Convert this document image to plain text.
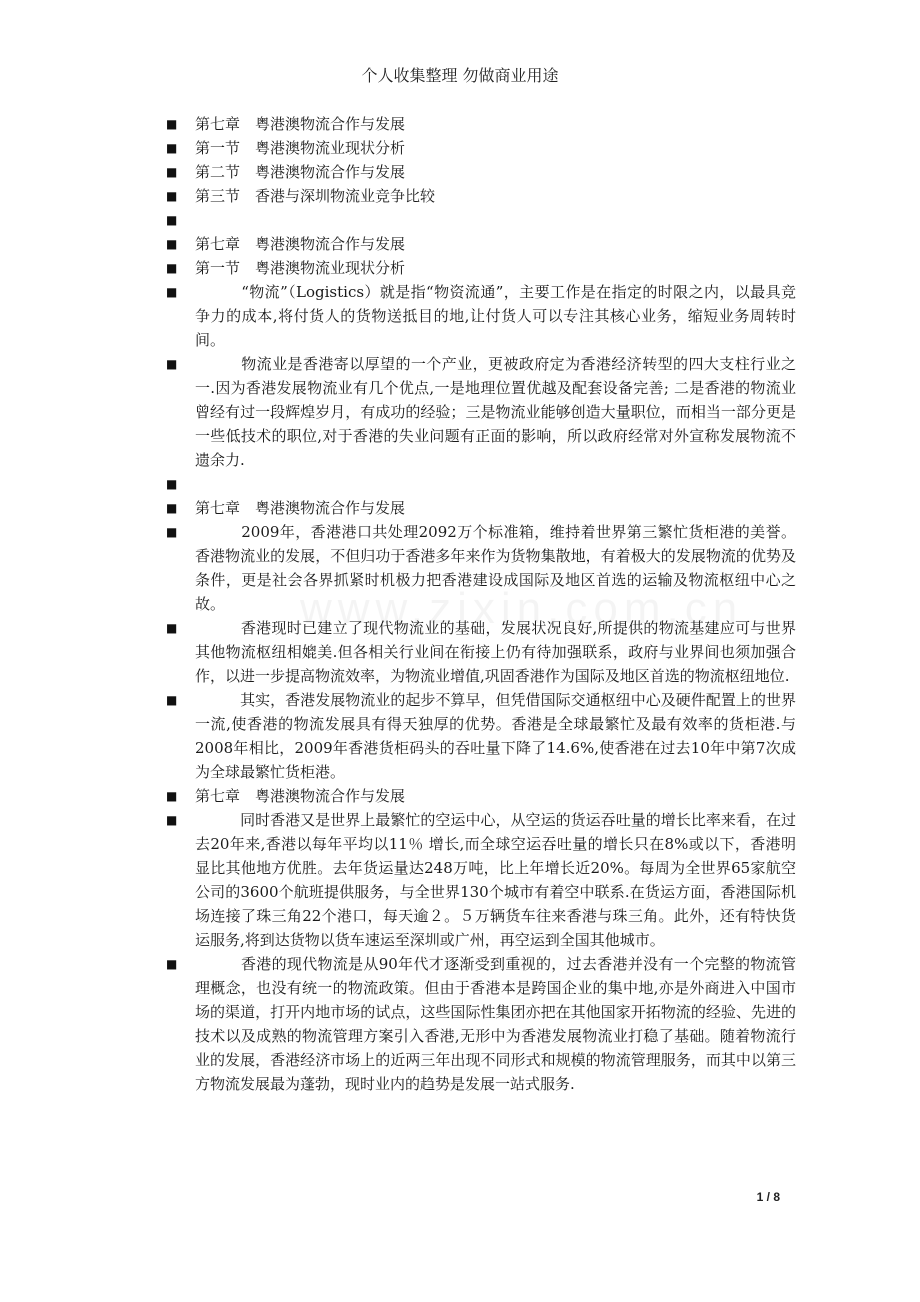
个人收集整理 勿做商业用途
■	第七章　粤港澳物流合作与发展

■	第一节　粤港澳物流业现状分析

■	第二节　粤港澳物流合作与发展

■	第三节　香港与深圳物流业竞争比较

■

■	第七章　粤港澳物流合作与发展

■	第一节　粤港澳物流业现状分析

■	　　　“物流”（Logistics）就是指“物资流通”，主要工作是在指定的时限之内，以最具竞争力的成本,将付货人的货物送抵目的地,让付货人可以专注其核心业务，缩短业务周转时间。

■	　　　物流业是香港寄以厚望的一个产业，更被政府定为香港经济转型的四大支柱行业之一.因为香港发展物流业有几个优点,一是地理位置优越及配套设备完善; 二是香港的物流业曾经有过一段辉煌岁月，有成功的经验；三是物流业能够创造大量职位，而相当一部分更是一些低技术的职位,对于香港的失业问题有正面的影响，所以政府经常对外宣称发展物流不遗余力.

■

■	第七章　粤港澳物流合作与发展

■	　　　2009年，香港港口共处理2092万个标准箱，维持着世界第三繁忙货柜港的美誉。香港物流业的发展，不但归功于香港多年来作为货物集散地，有着极大的发展物流的优势及条件，更是社会各界抓紧时机极力把香港建设成国际及地区首选的运输及物流枢纽中心之故。

■	　　　香港现时已建立了现代物流业的基础，发展状况良好,所提供的物流基建应可与世界其他物流枢纽相媲美.但各相关行业间在衔接上仍有待加强联系，政府与业界间也须加强合作，以进一步提高物流效率，为物流业增值,巩固香港作为国际及地区首选的物流枢纽地位.

■	　　　其实，香港发展物流业的起步不算早，但凭借国际交通枢纽中心及硬件配置上的世界一流,使香港的物流发展具有得天独厚的优势。香港是全球最繁忙及最有效率的货柜港.与2008年相比，2009年香港货柜码头的吞吐量下降了14.6%,使香港在过去10年中第7次成为全球最繁忙货柜港。

■	第七章　粤港澳物流合作与发展

■	　　　同时香港又是世界上最繁忙的空运中心，从空运的货运吞吐量的增长比率来看，在过去20年来,香港以每年平均以11％ 增长,而全球空运吞吐量的增长只在8%或以下，香港明显比其他地方优胜。去年货运量达248万吨，比上年增长近20%。每周为全世界65家航空公司的3600个航班提供服务，与全世界130个城市有着空中联系.在货运方面，香港国际机场连接了珠三角22个港口，每天逾２。５万辆货车往来香港与珠三角。此外，还有特快货运服务,将到达货物以货车速运至深圳或广州，再空运到全国其他城市。

■	　　　香港的现代物流是从90年代才逐渐受到重视的，过去香港并没有一个完整的物流管理概念，也没有统一的物流政策。但由于香港本是跨国企业的集中地,亦是外商进入中国市场的渠道，打开内地市场的试点，这些国际性集团亦把在其他国家开拓物流的经验、先进的技术以及成熟的物流管理方案引入香港,无形中为香港发展物流业打稳了基础。随着物流行业的发展，香港经济市场上的近两三年出现不同形式和规模的物流管理服务，而其中以第三方物流发展最为蓬勃，现时业内的趋势是发展一站式服务.

1 / 8
